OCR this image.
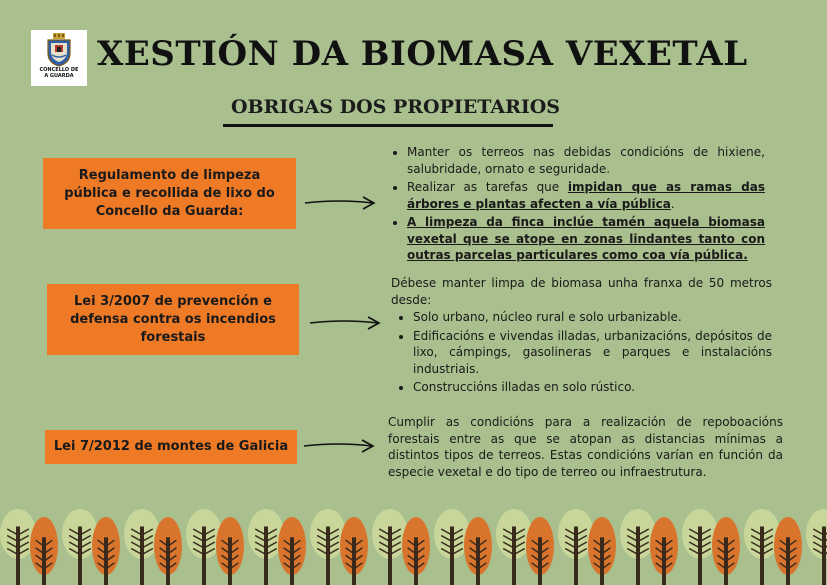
CONCELLO DE
A GUARDA
XESTIÓN DA BIOMASA VEXETAL
OBRIGAS DOS PROPIETARIOS
Regulamento de limpeza pública e recollida de lixo do Concello da Guarda:
• Manter os terreos nas debidas condicións de hixiene, salubridade, ornato e seguridade.
• Realizar as tarefas que impidan que as ramas das árbores e plantas afecten a vía pública.
• A limpeza da finca inclúe tamén aquela biomasa vexetal que se atope en zonas lindantes tanto con outras parcelas particulares como coa vía pública.
Lei 3/2007 de prevención e defensa contra os incendios forestais

Débese manter limpa de biomasa unha franxa de 50 metros desde:

• Solo urbano, núcleo rural e solo urbanizable.
• Edificacións e vivendas illadas, urbanizacións, depósitos de lixo, cámpings, gasolineras e parques e instalacións industriais.
• Construccións illadas en solo rústico.
Lei 7/2012 de montes de Galicia

Cumplir as condicións para a realización de repoboacións forestais entre as que se atopan as distancias mínimas a distintos tipos de terreos. Estas condicións varían en función da especie vexetal e do tipo de terreo ou infraestrutura.
